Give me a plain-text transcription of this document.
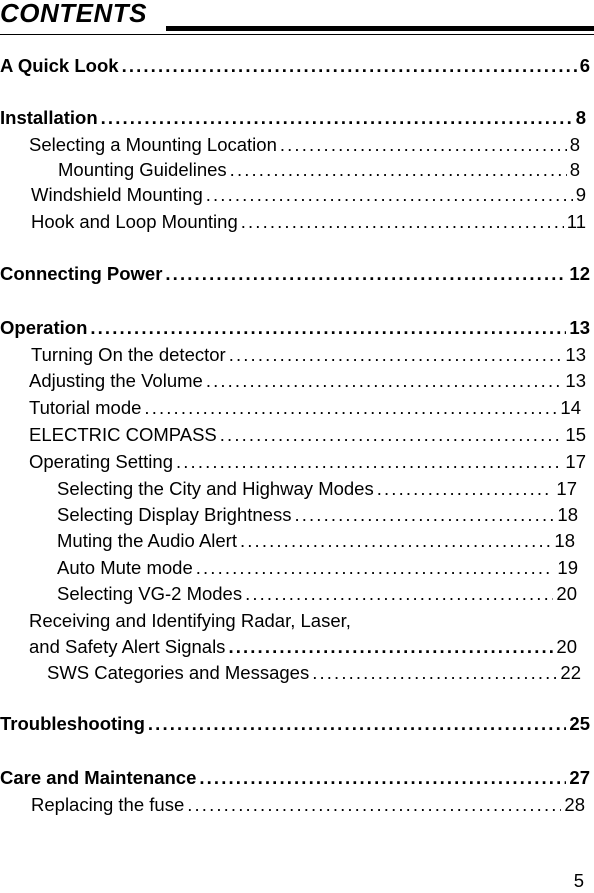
CONTENTS
A Quick Look . . .	6
Installation . . .	8
Selecting a Mounting Location . . .	8
Mounting Guidelines . . .	8
Windshield Mounting . . .	9
Hook and Loop Mounting . . .	11
Connecting Power . . .	12
Operation . . .	13
Turning On the detector . . .	13
Adjusting the Volume . . .	13
Tutorial mode . . .	14
ELECTRIC COMPASS . . .	15
Operating Setting . . .	17
Selecting the City and Highway Modes . . .	17
Selecting Display Brightness . . .	18
Muting the Audio Alert . . .	18
Auto Mute mode . . .	19
Selecting VG-2 Modes . . .	20
Receiving and Identifying Radar, Laser,
and Safety Alert Signals . . .	20
SWS Categories and Messages . . .	22
Troubleshooting . . .	25
Care and Maintenance . . .	27
Replacing the fuse . . .	28
5
